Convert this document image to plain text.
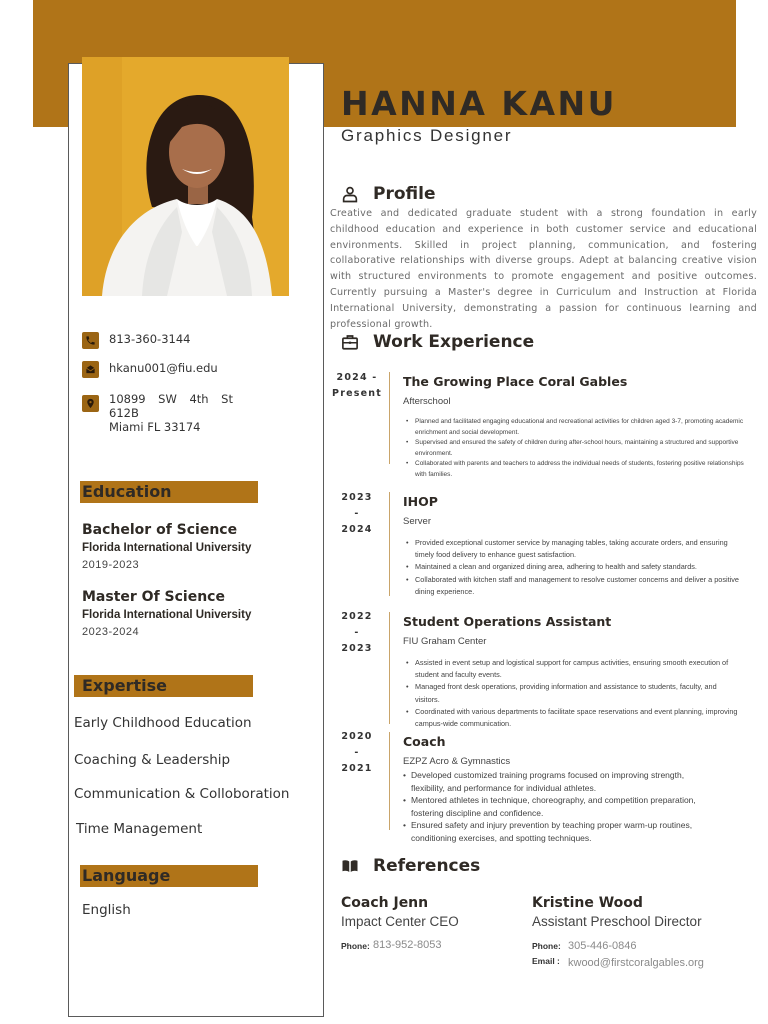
HANNA KANU
Graphics Designer
813-360-3144
hkanu001@fiu.edu
10899 SW 4th St 612B
Miami FL 33174
Education
Bachelor of Science
Florida International University
2019-2023
Master Of Science
Florida International University
2023-2024
Expertise
Early Childhood Education
Coaching & Leadership
Communication & Colloboration
Time Management
Language
English
Profile
Creative and dedicated graduate student with a strong foundation in early childhood education and experience in both customer service and educational environments. Skilled in project planning, communication, and fostering collaborative relationships with diverse groups. Adept at balancing creative vision with structured environments to promote engagement and positive outcomes. Currently pursuing a Master's degree in Curriculum and Instruction at Florida International University, demonstrating a passion for continuous learning and professional growth.
Work Experience
2024 -
Present
The Growing Place Coral Gables
Afterschool
• Planned and facilitated engaging educational and recreational activities for children aged 3-7, promoting academic enrichment and social development.
• Supervised and ensured the safety of children during after-school hours, maintaining a structured and supportive environment.
• Collaborated with parents and teachers to address the individual needs of students, fostering positive relationships with families.
2023
-
2024
IHOP
Server
• Provided exceptional customer service by managing tables, taking accurate orders, and ensuring timely food delivery to enhance guest satisfaction.
• Maintained a clean and organized dining area, adhering to health and safety standards.
• Collaborated with kitchen staff and management to resolve customer concerns and deliver a positive dining experience.
2022
-
2023
Student Operations Assistant
FIU Graham Center
• Assisted in event setup and logistical support for campus activities, ensuring smooth execution of student and faculty events.
• Managed front desk operations, providing information and assistance to students, faculty, and visitors.
• Coordinated with various departments to facilitate space reservations and event planning, improving campus-wide communication.
2020
-
2021
Coach
EZPZ Acro & Gymnastics
• Developed customized training programs focused on improving strength, flexibility, and performance for individual athletes.
• Mentored athletes in technique, choreography, and competition preparation, fostering discipline and confidence.
• Ensured safety and injury prevention by teaching proper warm-up routines, conditioning exercises, and spotting techniques.
References
Coach Jenn
Impact Center CEO
Phone: 813-952-8053
Kristine Wood
Assistant Preschool Director
Phone: 305-446-0846
Email : kwood@firstcoralgables.org
